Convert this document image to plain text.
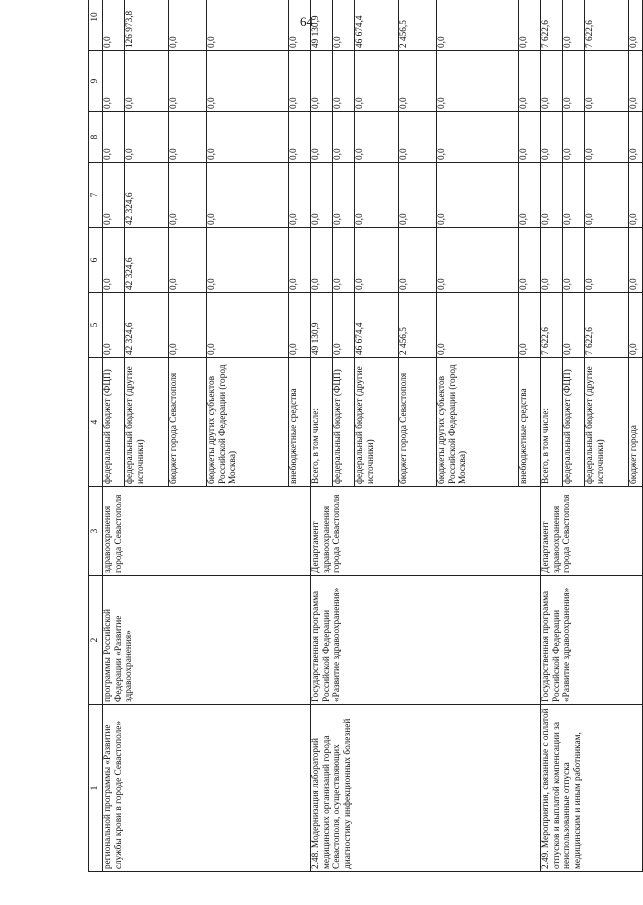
64
1	2	3	4	5	6	7	8	9	10
региональной программы «Развитие службы крови в городе Севастополе»	программы Российской Федерации «Развитие здравоохранения»	здравоохранения города Севастополя	федеральный бюджет (ФЦП)	0,0	0,0	0,0	0,0	0,0	0,0
			федеральный бюджет (другие источники)	42 324,6	42 324,6	42 324,6	0,0	0,0	126 973,8
			бюджет города Севастополя	0,0	0,0	0,0	0,0	0,0	0,0
			бюджеты других субъектов Российской Федерации (город Москва)	0,0	0,0	0,0	0,0	0,0	0,0
			внебюджетные средства	0,0	0,0	0,0	0,0	0,0	0,0
2.48. Модернизация лабораторий медицинских организаций города Севастополя, осуществляющих диагностику инфекционных болезней	Государственная программа Российской Федерации «Развитие здравоохранения»	Департамент здравоохранения города Севастополя	Всего, в том числе:	49 130,9	0,0	0,0	0,0	0,0	49 130,9
			федеральный бюджет (ФЦП)	0,0	0,0	0,0	0,0	0,0	0,0
			федеральный бюджет (другие источники)	46 674,4	0,0	0,0	0,0	0,0	46 674,4
			бюджет города Севастополя	2 456,5	0,0	0,0	0,0	0,0	2 456,5
			бюджеты других субъектов Российской Федерации (город Москва)	0,0	0,0	0,0	0,0	0,0	0,0
			внебюджетные средства	0,0	0,0	0,0	0,0	0,0	0,0
2.49. Мероприятия, связанные с оплатой отпусков и выплатой компенсации за неиспользованные отпуска медицинским и иным работникам,	Государственная программа Российской Федерации «Развитие здравоохранения»	Департамент здравоохранения города Севастополя	Всего, в том числе:	7 622,6	0,0	0,0	0,0	0,0	7 622,6
			федеральный бюджет (ФЦП)	0,0	0,0	0,0	0,0	0,0	0,0
			федеральный бюджет (другие источники)	7 622,6	0,0	0,0	0,0	0,0	7 622,6
			бюджет города	0,0	0,0	0,0	0,0	0,0	0,0
